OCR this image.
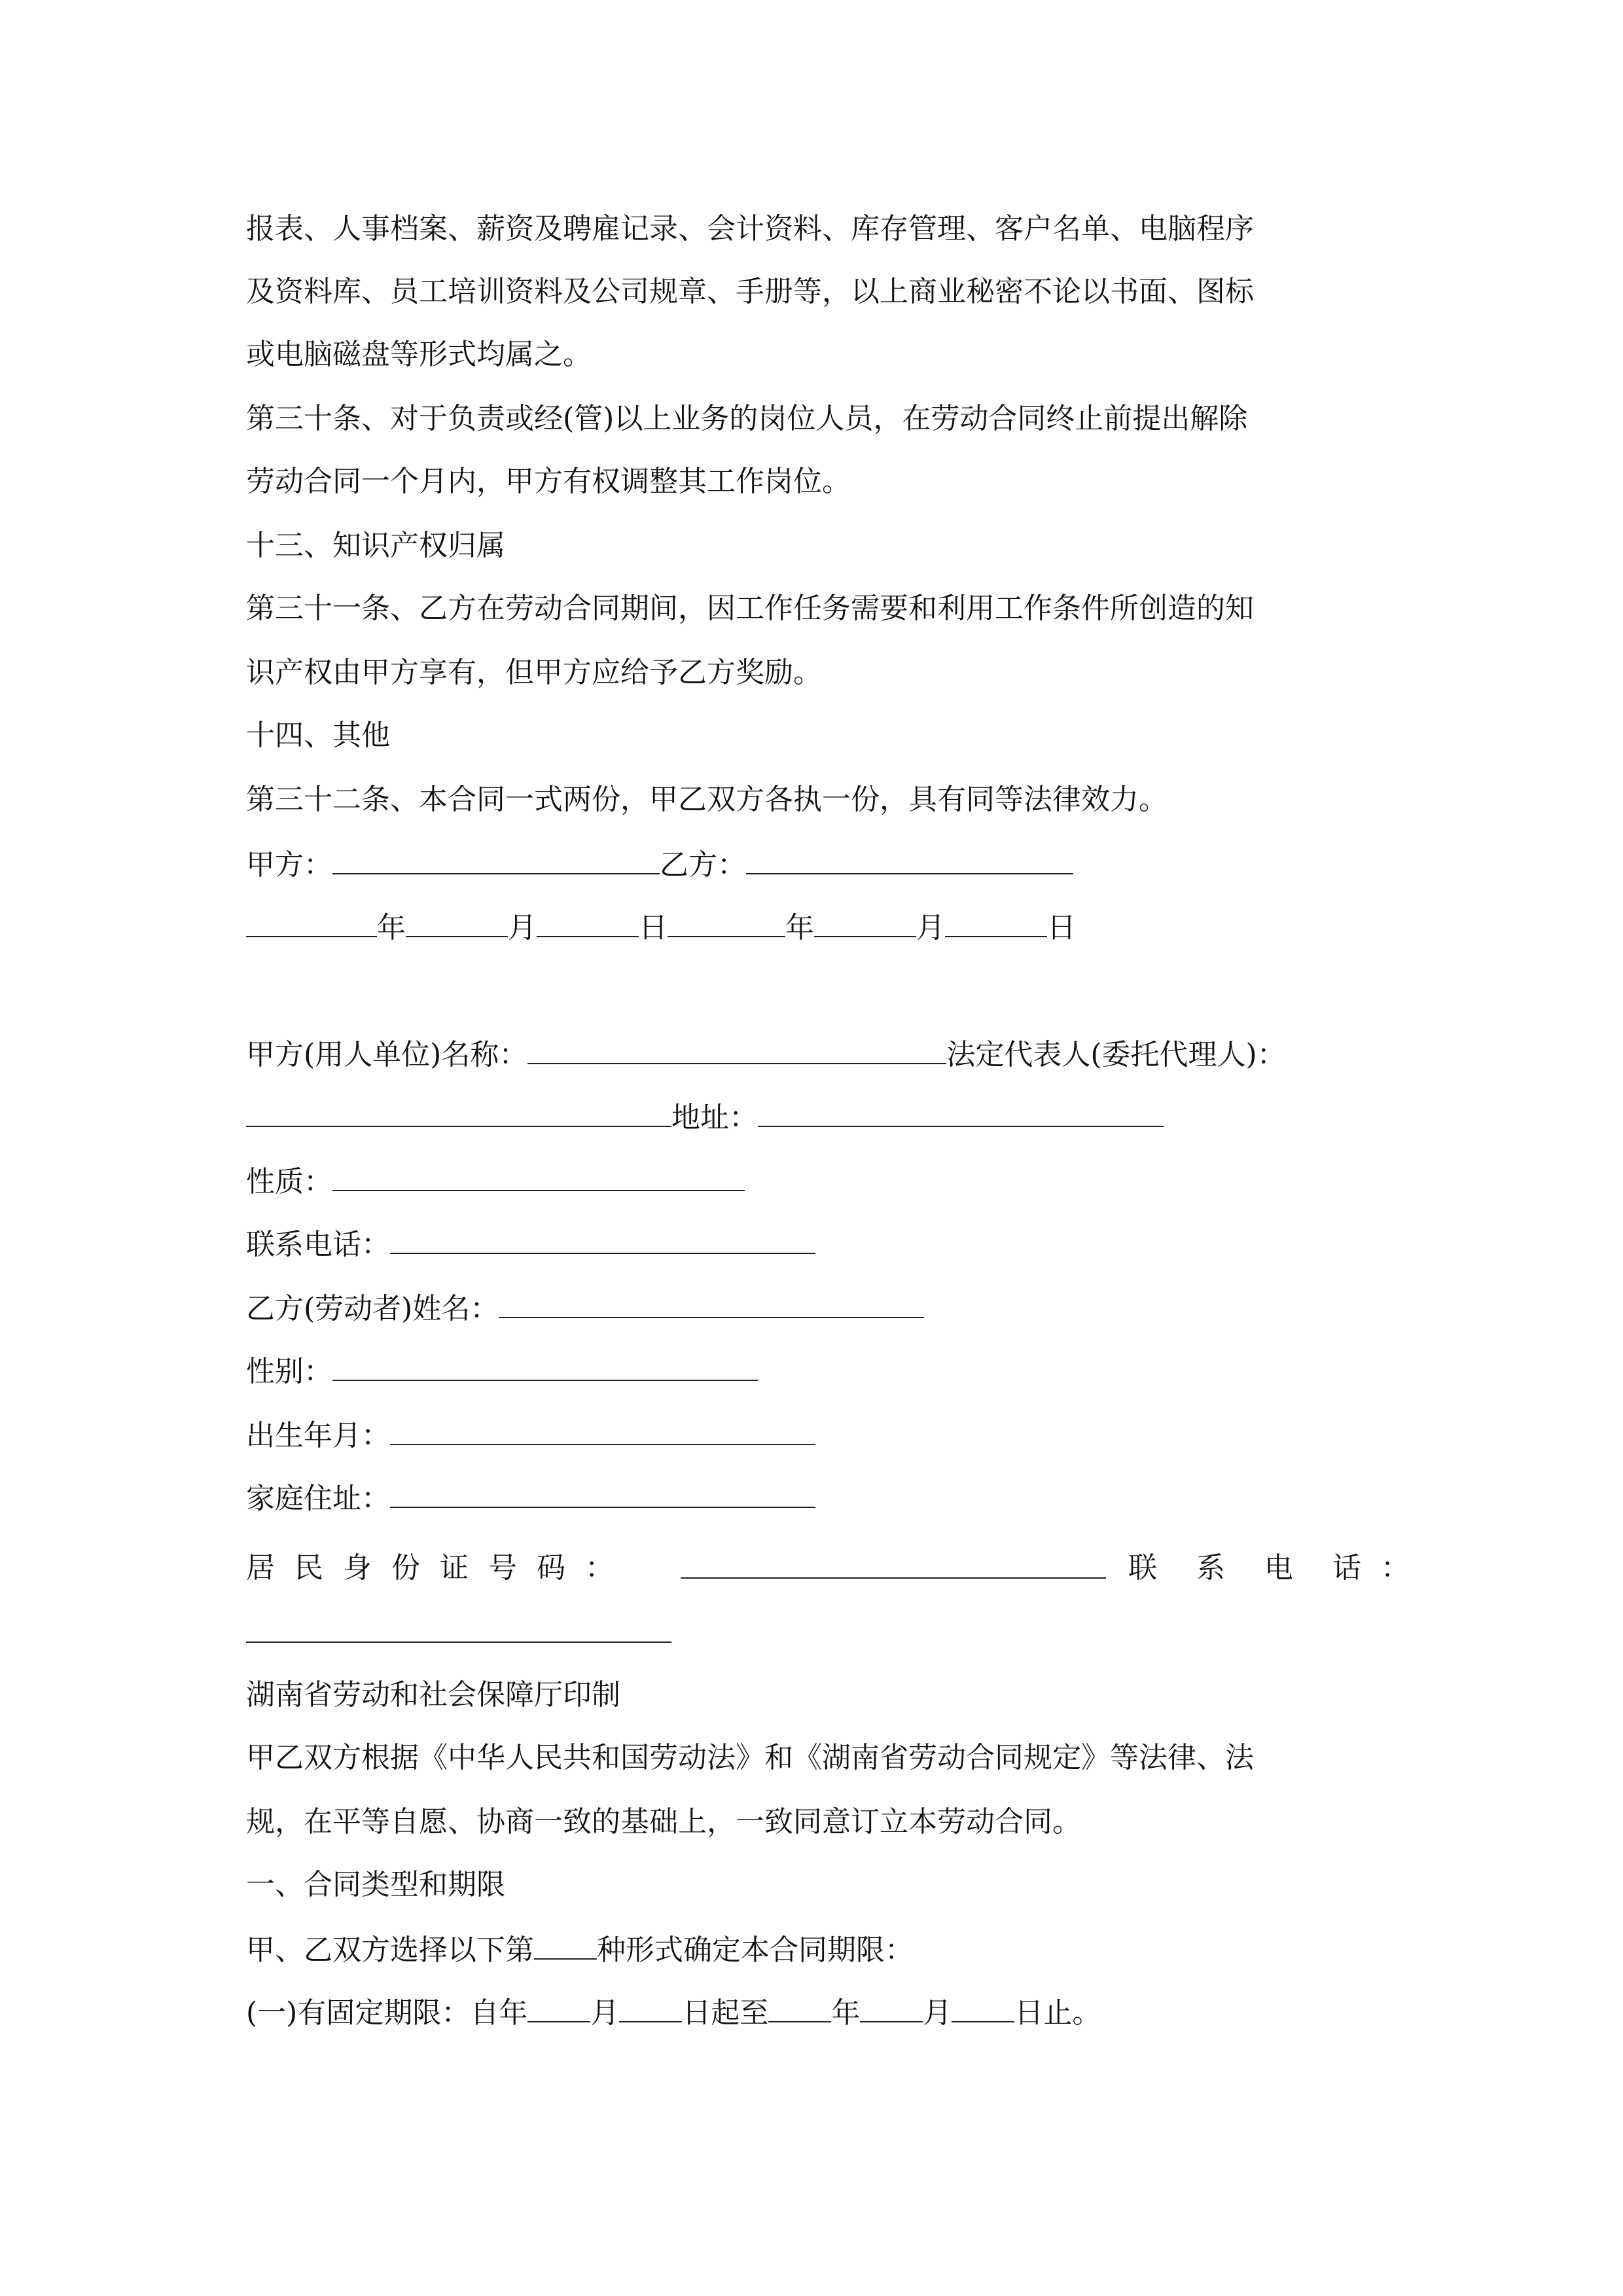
报表、人事档案、薪资及聘雇记录、会计资料、库存管理、客户名单、电脑程序
及资料库、员工培训资料及公司规章、手册等，以上商业秘密不论以书面、图标
或电脑磁盘等形式均属之。
第三十条、对于负责或经(管)以上业务的岗位人员，在劳动合同终止前提出解除
劳动合同一个月内，甲方有权调整其工作岗位。
十三、知识产权归属
第三十一条、乙方在劳动合同期间，因工作任务需要和利用工作条件所创造的知
识产权由甲方享有，但甲方应给予乙方奖励。
十四、其他
第三十二条、本合同一式两份，甲乙双方各执一份，具有同等法律效力。
甲方：	乙方：
年	月	日	年	月	日
甲方(用人单位)名称：	法定代表人(委托代理人)：
地址：
性质：
联系电话：
乙方(劳动者)姓名：
性别：
出生年月：
家庭住址：
居 民 身 份 证 号 码 ：	联 系 电 话 ：
湖南省劳动和社会保障厅印制
甲乙双方根据《中华人民共和国劳动法》和《湖南省劳动合同规定》等法律、法
规，在平等自愿、协商一致的基础上，一致同意订立本劳动合同。
一、合同类型和期限
甲、乙双方选择以下第 种形式确定本合同期限：
(一)有固定期限：自年 月 日起至 年 月 日止。
